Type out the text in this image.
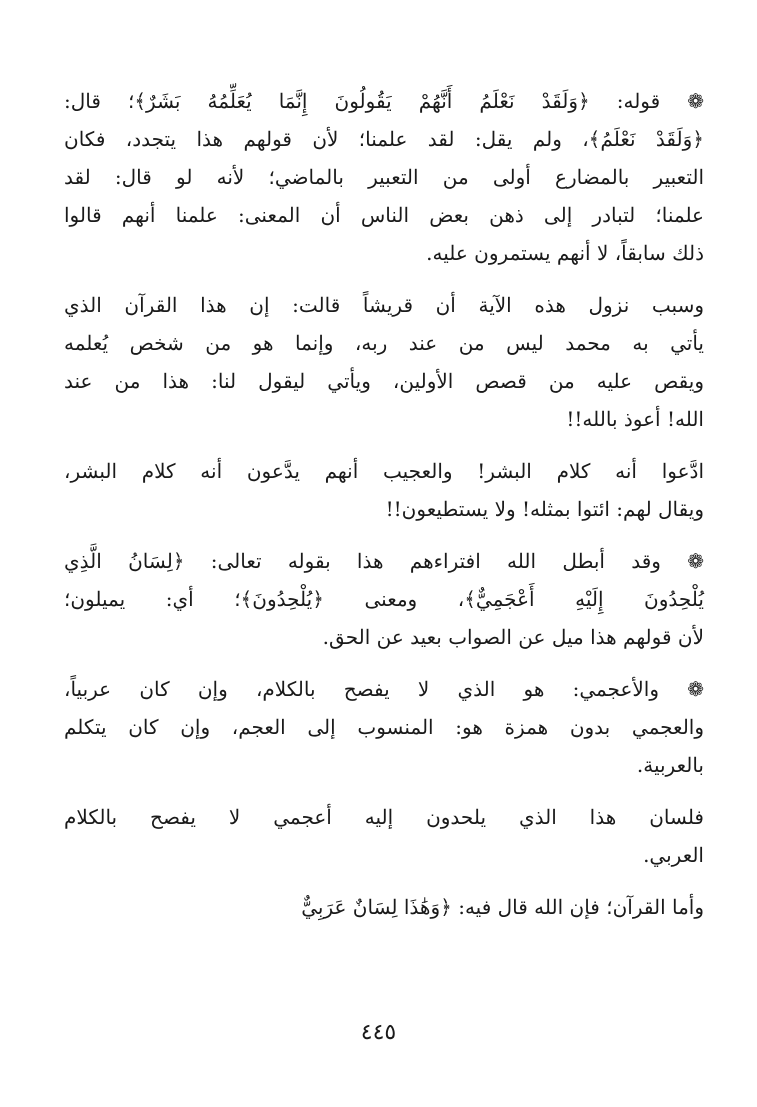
❁ قوله: ﴿وَلَقَدْ نَعْلَمُ أَنَّهُمْ يَقُولُونَ إِنَّمَا يُعَلِّمُهُ بَشَرٌ﴾؛ قال:
﴿وَلَقَدْ نَعْلَمُ﴾، ولم يقل: لقد علمنا؛ لأن قولهم هذا يتجدد، فكان
التعبير بالمضارع أولى من التعبير بالماضي؛ لأنه لو قال: لقد
علمنا؛ لتبادر إلى ذهن بعض الناس أن المعنى: علمنا أنهم قالوا
ذلك سابقاً، لا أنهم يستمرون عليه.
وسبب نزول هذه الآية أن قريشاً قالت: إن هذا القرآن الذي
يأتي به محمد ليس من عند ربه، وإنما هو من شخص يُعلمه
ويقص عليه من قصص الأولين، ويأتي ليقول لنا: هذا من عند
الله! أعوذ بالله!!
ادَّعوا أنه كلام البشر! والعجيب أنهم يدَّعون أنه كلام البشر،
ويقال لهم: ائتوا بمثله! ولا يستطيعون!!
❁ وقد أبطل الله افتراءهم هذا بقوله تعالى: ﴿لِسَانُ الَّذِي
يُلْحِدُونَ إِلَيْهِ أَعْجَمِيٌّ﴾، ومعنى ﴿يُلْحِدُونَ﴾؛ أي: يميلون؛
لأن قولهم هذا ميل عن الصواب بعيد عن الحق.
❁ والأعجمي: هو الذي لا يفصح بالكلام، وإن كان عربياً،
والعجمي بدون همزة هو: المنسوب إلى العجم، وإن كان يتكلم
بالعربية.
فلسان هذا الذي يلحدون إليه أعجمي لا يفصح بالكلام
العربي.
وأما القرآن؛ فإن الله قال فيه: ﴿وَهَٰذَا لِسَانٌ عَرَبِيٌّ
٤٤٥
